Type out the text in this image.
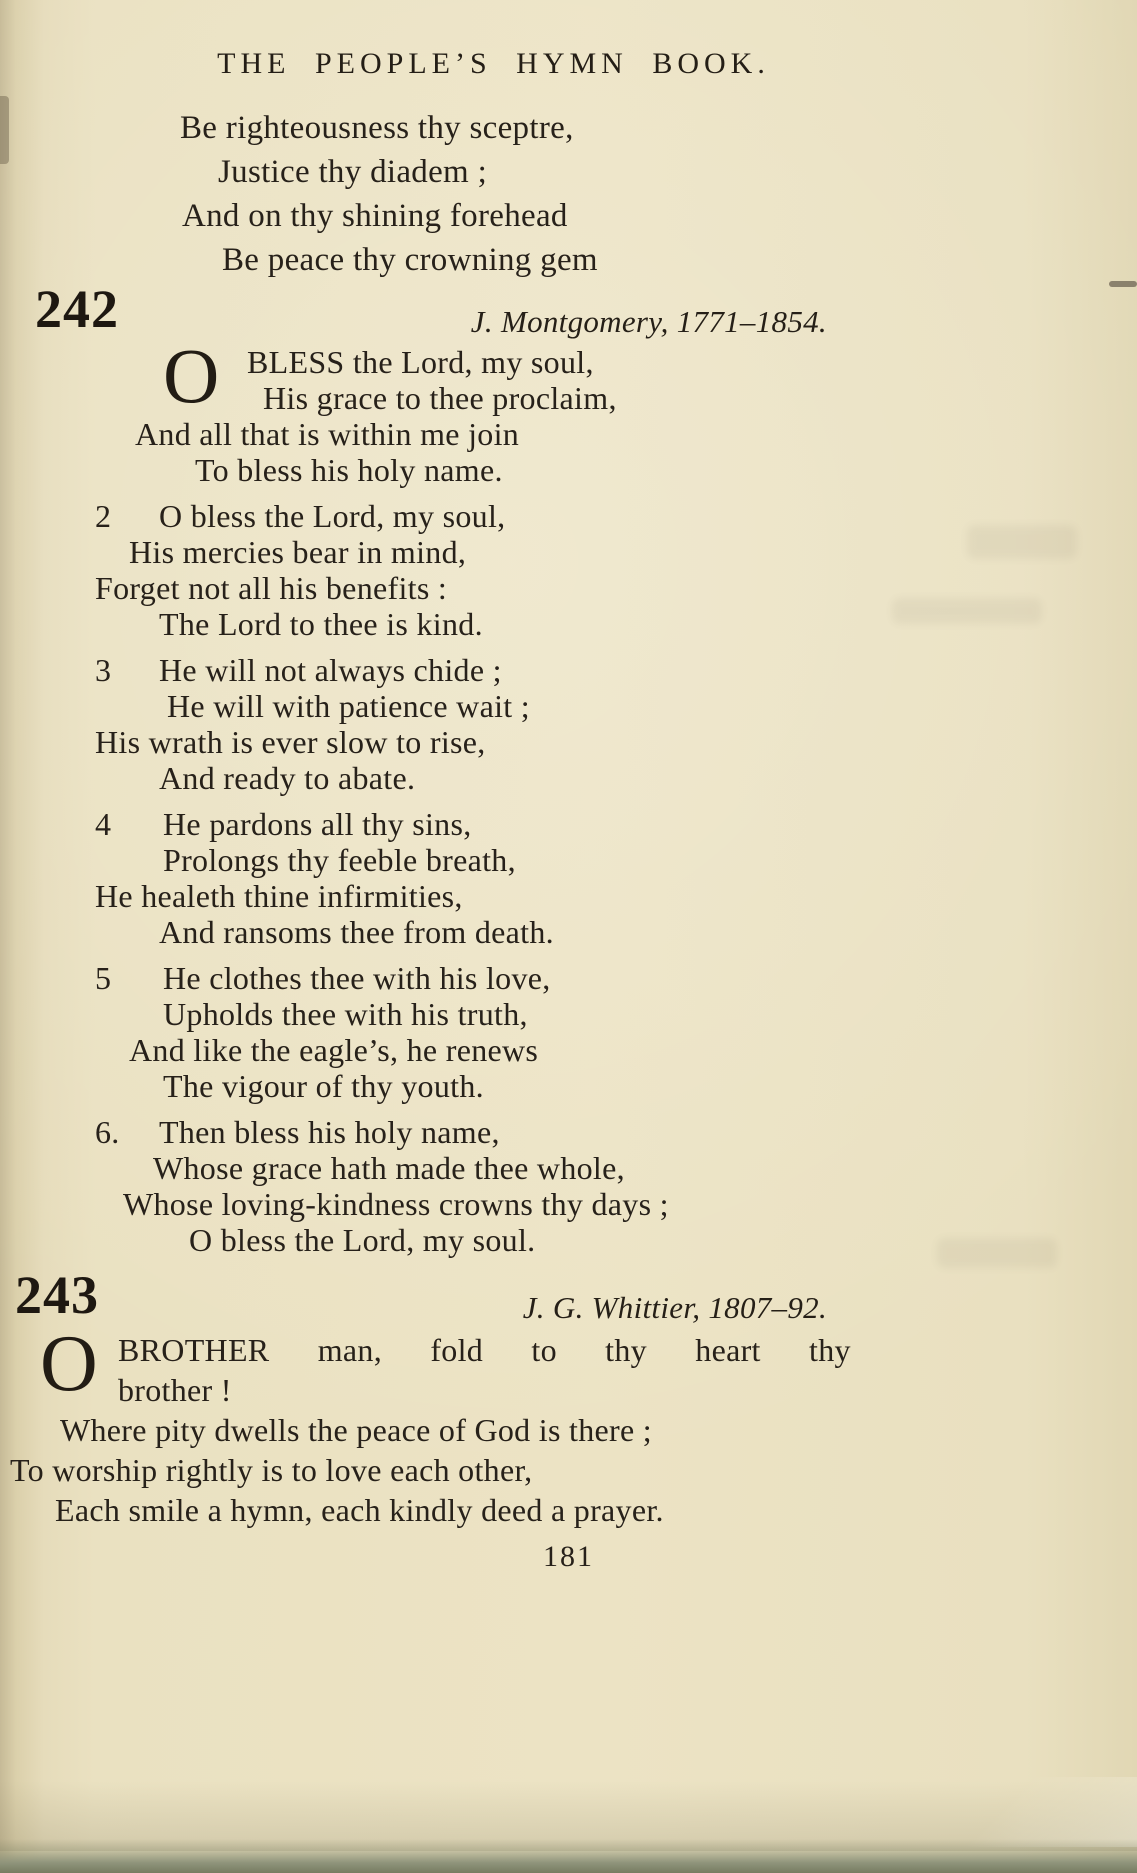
THE PEOPLE’S HYMN BOOK.
Be righteousness thy sceptre,
Justice thy diadem ;
And on thy shining forehead
Be peace thy crowning gem
242	J. Montgomery, 1771–1854.
O BLESS the Lord, my soul,
His grace to thee proclaim,
And all that is within me join
To bless his holy name.
2 O bless the Lord, my soul,
His mercies bear in mind,
Forget not all his benefits :
The Lord to thee is kind.
3 He will not always chide ;
He will with patience wait ;
His wrath is ever slow to rise,
And ready to abate.
4 He pardons all thy sins,
Prolongs thy feeble breath,
He healeth thine infirmities,
And ransoms thee from death.
5 He clothes thee with his love,
Upholds thee with his truth,
And like the eagle’s, he renews
The vigour of thy youth.
6. Then bless his holy name,
Whose grace hath made thee whole,
Whose loving-kindness crowns thy days ;
O bless the Lord, my soul.
243	J. G. Whittier, 1807–92.
O BROTHER man, fold to thy heart thy
brother !
Where pity dwells the peace of God is there ;
To worship rightly is to love each other,
Each smile a hymn, each kindly deed a prayer.
181
